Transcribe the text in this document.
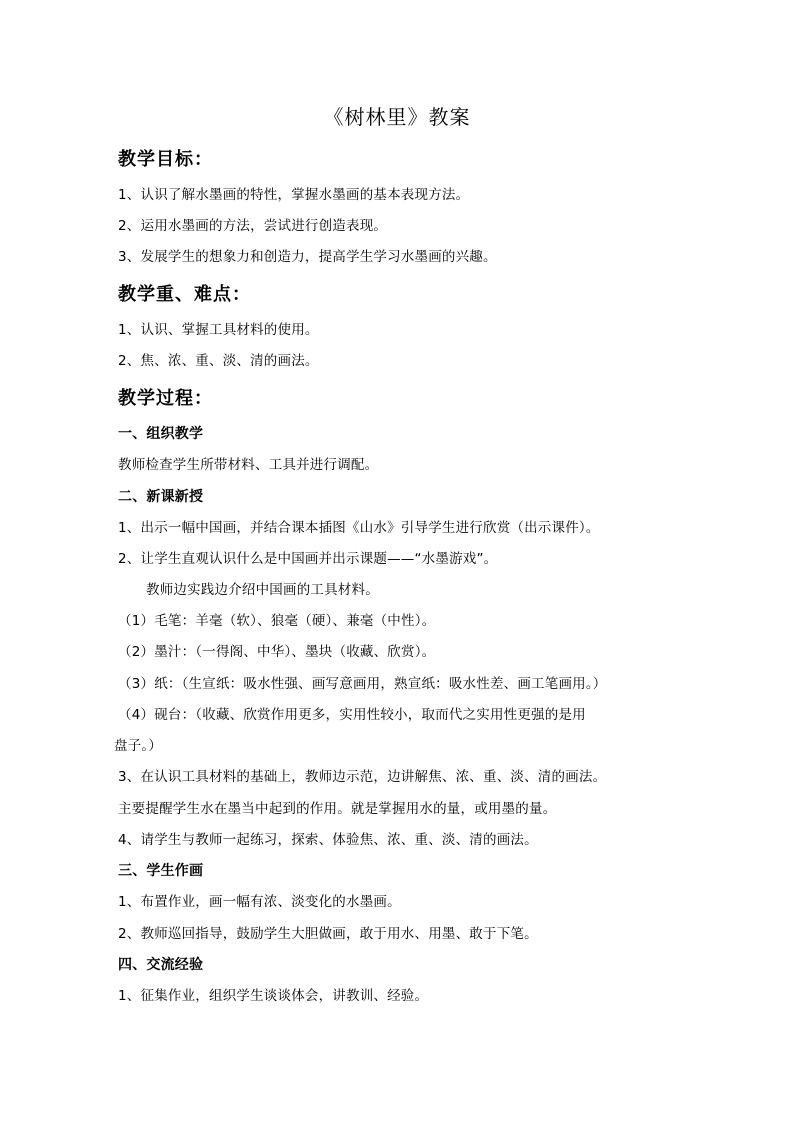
《树林里》教案
教学目标：
1、认识了解水墨画的特性，掌握水墨画的基本表现方法。
2、运用水墨画的方法，尝试进行创造表现。
3、发展学生的想象力和创造力，提高学生学习水墨画的兴趣。
教学重、难点：
1、认识、掌握工具材料的使用。
2、焦、浓、重、淡、清的画法。
教学过程：
一、组织教学
教师检查学生所带材料、工具并进行调配。
二、新课新授
1、出示一幅中国画，并结合课本插图《山水》引导学生进行欣赏（出示课件）。
2、让学生直观认识什么是中国画并出示课题——“水墨游戏”。
教师边实践边介绍中国画的工具材料。
（1）毛笔：羊毫（软）、狼毫（硬）、兼毫（中性）。
（2）墨汁：（一得阁、中华）、墨块（收藏、欣赏）。
（3）纸：（生宣纸：吸水性强、画写意画用，熟宣纸：吸水性差、画工笔画用。）
（4）砚台：（收藏、欣赏作用更多，实用性较小，取而代之实用性更强的是用
盘子。）
3、在认识工具材料的基础上，教师边示范，边讲解焦、浓、重、淡、清的画法。
主要提醒学生水在墨当中起到的作用。就是掌握用水的量，或用墨的量。
4、请学生与教师一起练习，探索、体验焦、浓、重、淡、清的画法。
三、学生作画
1、布置作业，画一幅有浓、淡变化的水墨画。
2、教师巡回指导，鼓励学生大胆做画，敢于用水、用墨、敢于下笔。
四、交流经验
1、征集作业，组织学生谈谈体会，讲教训、经验。
